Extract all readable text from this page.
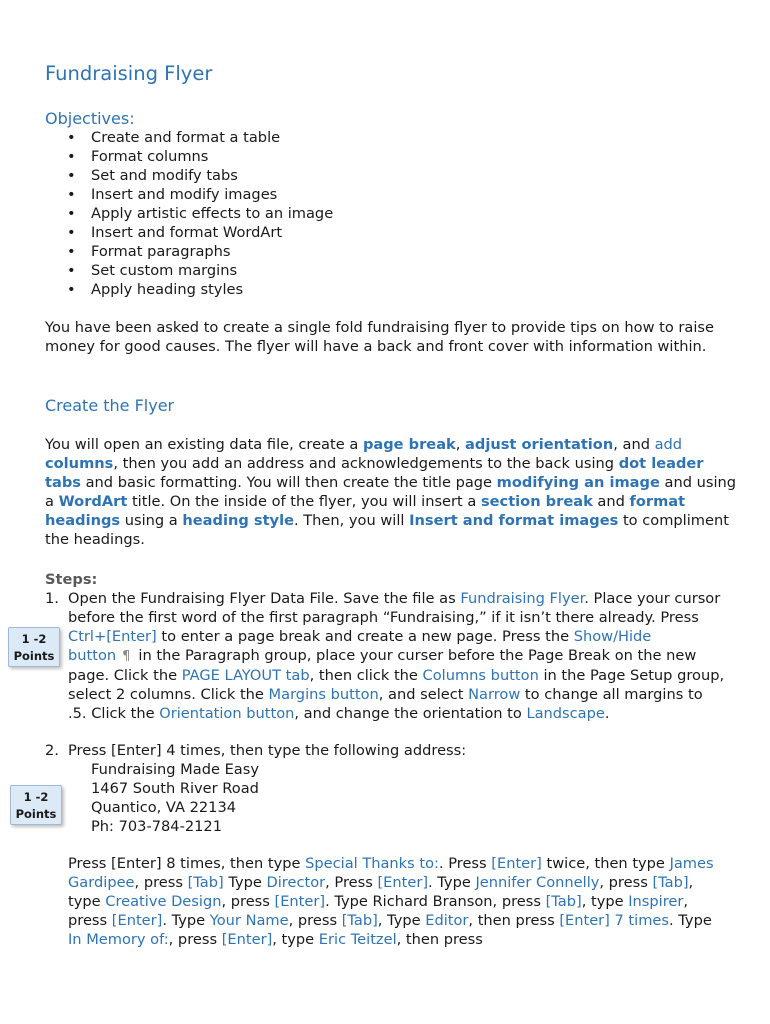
Fundraising Flyer
Objectives:
• Create and format a table
• Format columns
• Set and modify tabs
• Insert and modify images
• Apply artistic effects to an image
• Insert and format WordArt
• Format paragraphs
• Set custom margins
• Apply heading styles

You have been asked to create a single fold fundraising flyer to provide tips on how to raise money for good causes. The flyer will have a back and front cover with information within.

Create the Flyer

You will open an existing data file, create a page break, adjust orientation, and add columns, then you add an address and acknowledgements to the back using dot leader tabs and basic formatting. You will then create the title page modifying an image and using a WordArt title. On the inside of the flyer, you will insert a section break and format headings using a heading style. Then, you will Insert and format images to compliment the headings.

Steps:
1. Open the Fundraising Flyer Data File. Save the file as Fundraising Flyer. Place your cursor before the first word of the first paragraph “Fundraising,” if it isn’t there already. Press Ctrl+[Enter] to enter a page break and create a new page. Press the Show/Hide button ¶ in the Paragraph group, place your curser before the Page Break on the new page. Click the PAGE LAYOUT tab, then click the Columns button in the Page Setup group, select 2 columns. Click the Margins button, and select Narrow to change all margins to .5. Click the Orientation button, and change the orientation to Landscape.
2. Press [Enter] 4 times, then type the following address:
Fundraising Made Easy
1467 South River Road
Quantico, VA 22134
Ph: 703-784-2121

Press [Enter] 8 times, then type Special Thanks to:. Press [Enter] twice, then type James Gardipee, press [Tab] Type Director, Press [Enter]. Type Jennifer Connelly, press [Tab], type Creative Design, press [Enter]. Type Richard Branson, press [Tab], type Inspirer, press [Enter]. Type Your Name, press [Tab], Type Editor, then press [Enter] 7 times. Type In Memory of:, press [Enter], type Eric Teitzel, then press

1 -2
Points
1 -2
Points
